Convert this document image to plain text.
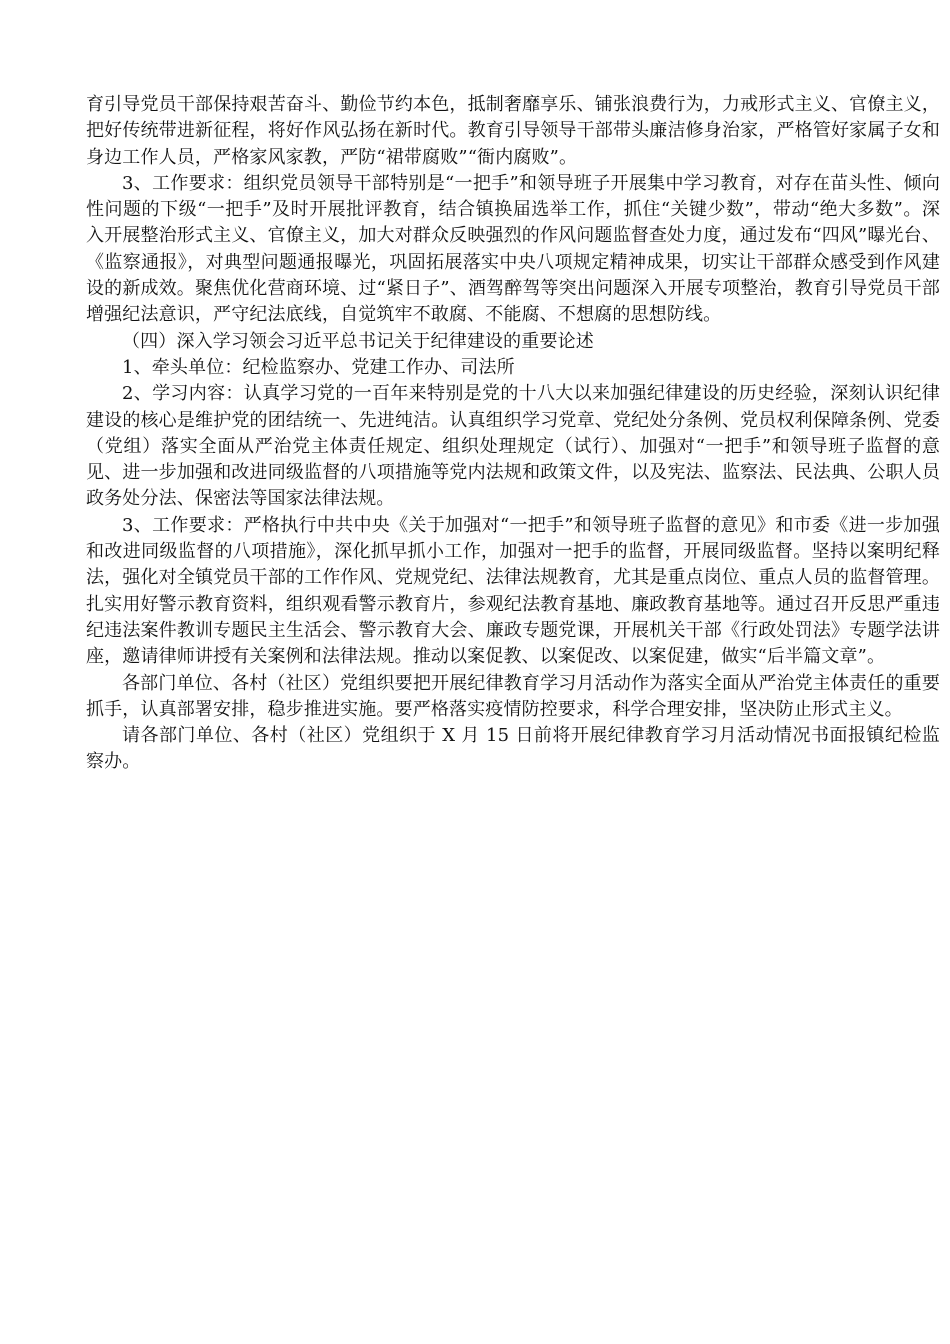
育引导党员干部保持艰苦奋斗、勤俭节约本色，抵制奢靡享乐、铺张浪费行为，力戒形式主义、官僚主义，把好传统带进新征程，将好作风弘扬在新时代。教育引导领导干部带头廉洁修身治家，严格管好家属子女和身边工作人员，严格家风家教，严防“裙带腐败”“衙内腐败”。

3、工作要求：组织党员领导干部特别是“一把手”和领导班子开展集中学习教育，对存在苗头性、倾向性问题的下级“一把手”及时开展批评教育，结合镇换届选举工作，抓住“关键少数”，带动“绝大多数”。深入开展整治形式主义、官僚主义，加大对群众反映强烈的作风问题监督查处力度，通过发布“四风”曝光台、《监察通报》，对典型问题通报曝光，巩固拓展落实中央八项规定精神成果，切实让干部群众感受到作风建设的新成效。聚焦优化营商环境、过“紧日子”、酒驾醉驾等突出问题深入开展专项整治，教育引导党员干部增强纪法意识，严守纪法底线，自觉筑牢不敢腐、不能腐、不想腐的思想防线。

（四）深入学习领会习近平总书记关于纪律建设的重要论述

1、牵头单位：纪检监察办、党建工作办、司法所

2、学习内容：认真学习党的一百年来特别是党的十八大以来加强纪律建设的历史经验，深刻认识纪律建设的核心是维护党的团结统一、先进纯洁。认真组织学习党章、党纪处分条例、党员权利保障条例、党委（党组）落实全面从严治党主体责任规定、组织处理规定（试行）、加强对“一把手”和领导班子监督的意见、进一步加强和改进同级监督的八项措施等党内法规和政策文件，以及宪法、监察法、民法典、公职人员政务处分法、保密法等国家法律法规。

3、工作要求：严格执行中共中央《关于加强对“一把手”和领导班子监督的意见》和市委《进一步加强和改进同级监督的八项措施》，深化抓早抓小工作，加强对一把手的监督，开展同级监督。坚持以案明纪释法，强化对全镇党员干部的工作作风、党规党纪、法律法规教育，尤其是重点岗位、重点人员的监督管理。扎实用好警示教育资料，组织观看警示教育片，参观纪法教育基地、廉政教育基地等。通过召开反思严重违纪违法案件教训专题民主生活会、警示教育大会、廉政专题党课，开展机关干部《行政处罚法》专题学法讲座，邀请律师讲授有关案例和法律法规。推动以案促教、以案促改、以案促建，做实“后半篇文章”。

各部门单位、各村（社区）党组织要把开展纪律教育学习月活动作为落实全面从严治党主体责任的重要抓手，认真部署安排，稳步推进实施。要严格落实疫情防控要求，科学合理安排，坚决防止形式主义。

请各部门单位、各村（社区）党组织于 X 月 15 日前将开展纪律教育学习月活动情况书面报镇纪检监察办。
